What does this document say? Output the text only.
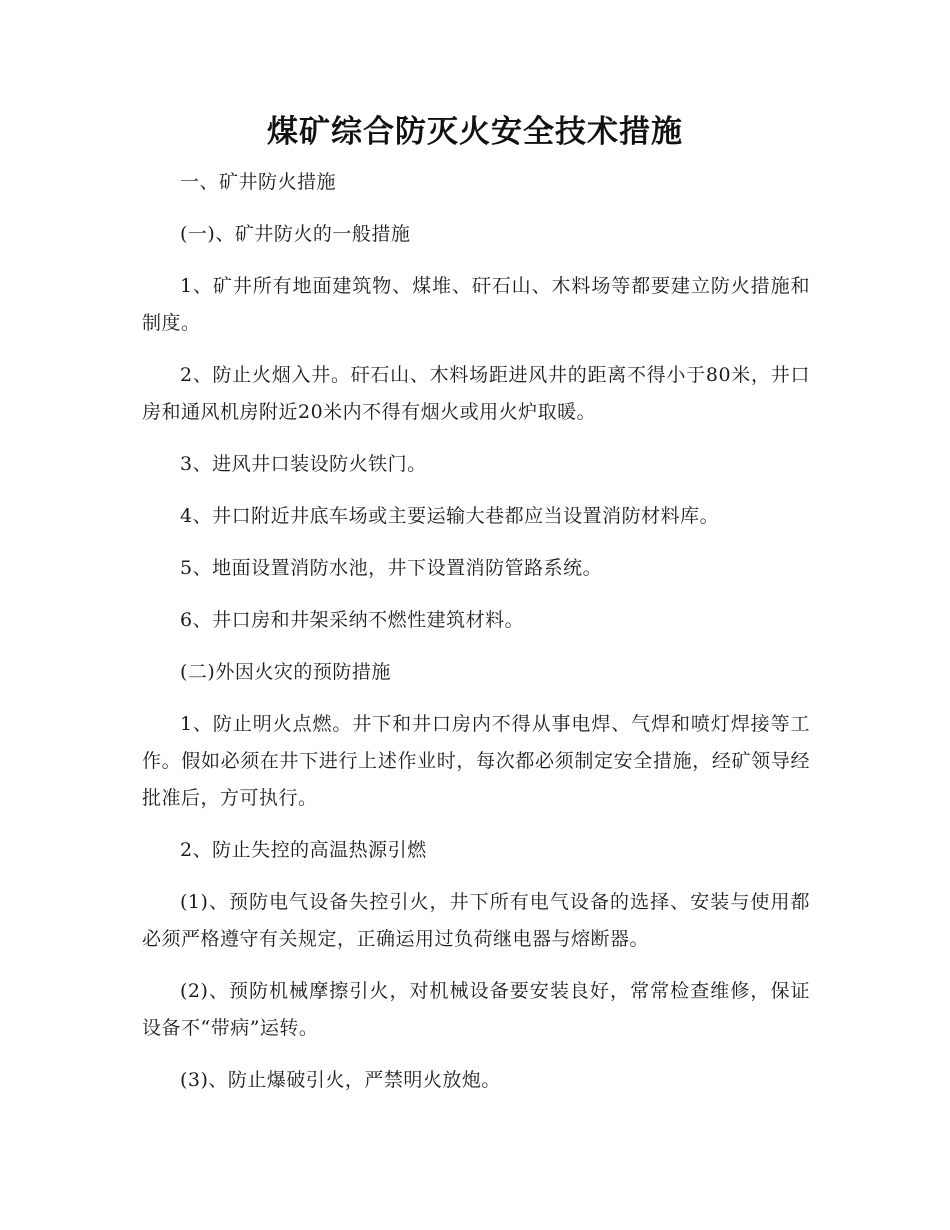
煤矿综合防灭火安全技术措施

一、矿井防火措施

(一)、矿井防火的一般措施

1、矿井所有地面建筑物、煤堆、矸石山、木料场等都要建立防火措施和制度。

2、防止火烟入井。矸石山、木料场距进风井的距离不得小于80米，井口房和通风机房附近20米内不得有烟火或用火炉取暖。

3、进风井口装设防火铁门。

4、井口附近井底车场或主要运输大巷都应当设置消防材料库。

5、地面设置消防水池，井下设置消防管路系统。

6、井口房和井架采纳不燃性建筑材料。

(二)外因火灾的预防措施

1、防止明火点燃。井下和井口房内不得从事电焊、气焊和喷灯焊接等工作。假如必须在井下进行上述作业时，每次都必须制定安全措施，经矿领导经批准后，方可执行。

2、防止失控的高温热源引燃

(1)、预防电气设备失控引火，井下所有电气设备的选择、安装与使用都必须严格遵守有关规定，正确运用过负荷继电器与熔断器。

(2)、预防机械摩擦引火，对机械设备要安装良好，常常检查维修，保证设备不“带病”运转。

(3)、防止爆破引火，严禁明火放炮。
